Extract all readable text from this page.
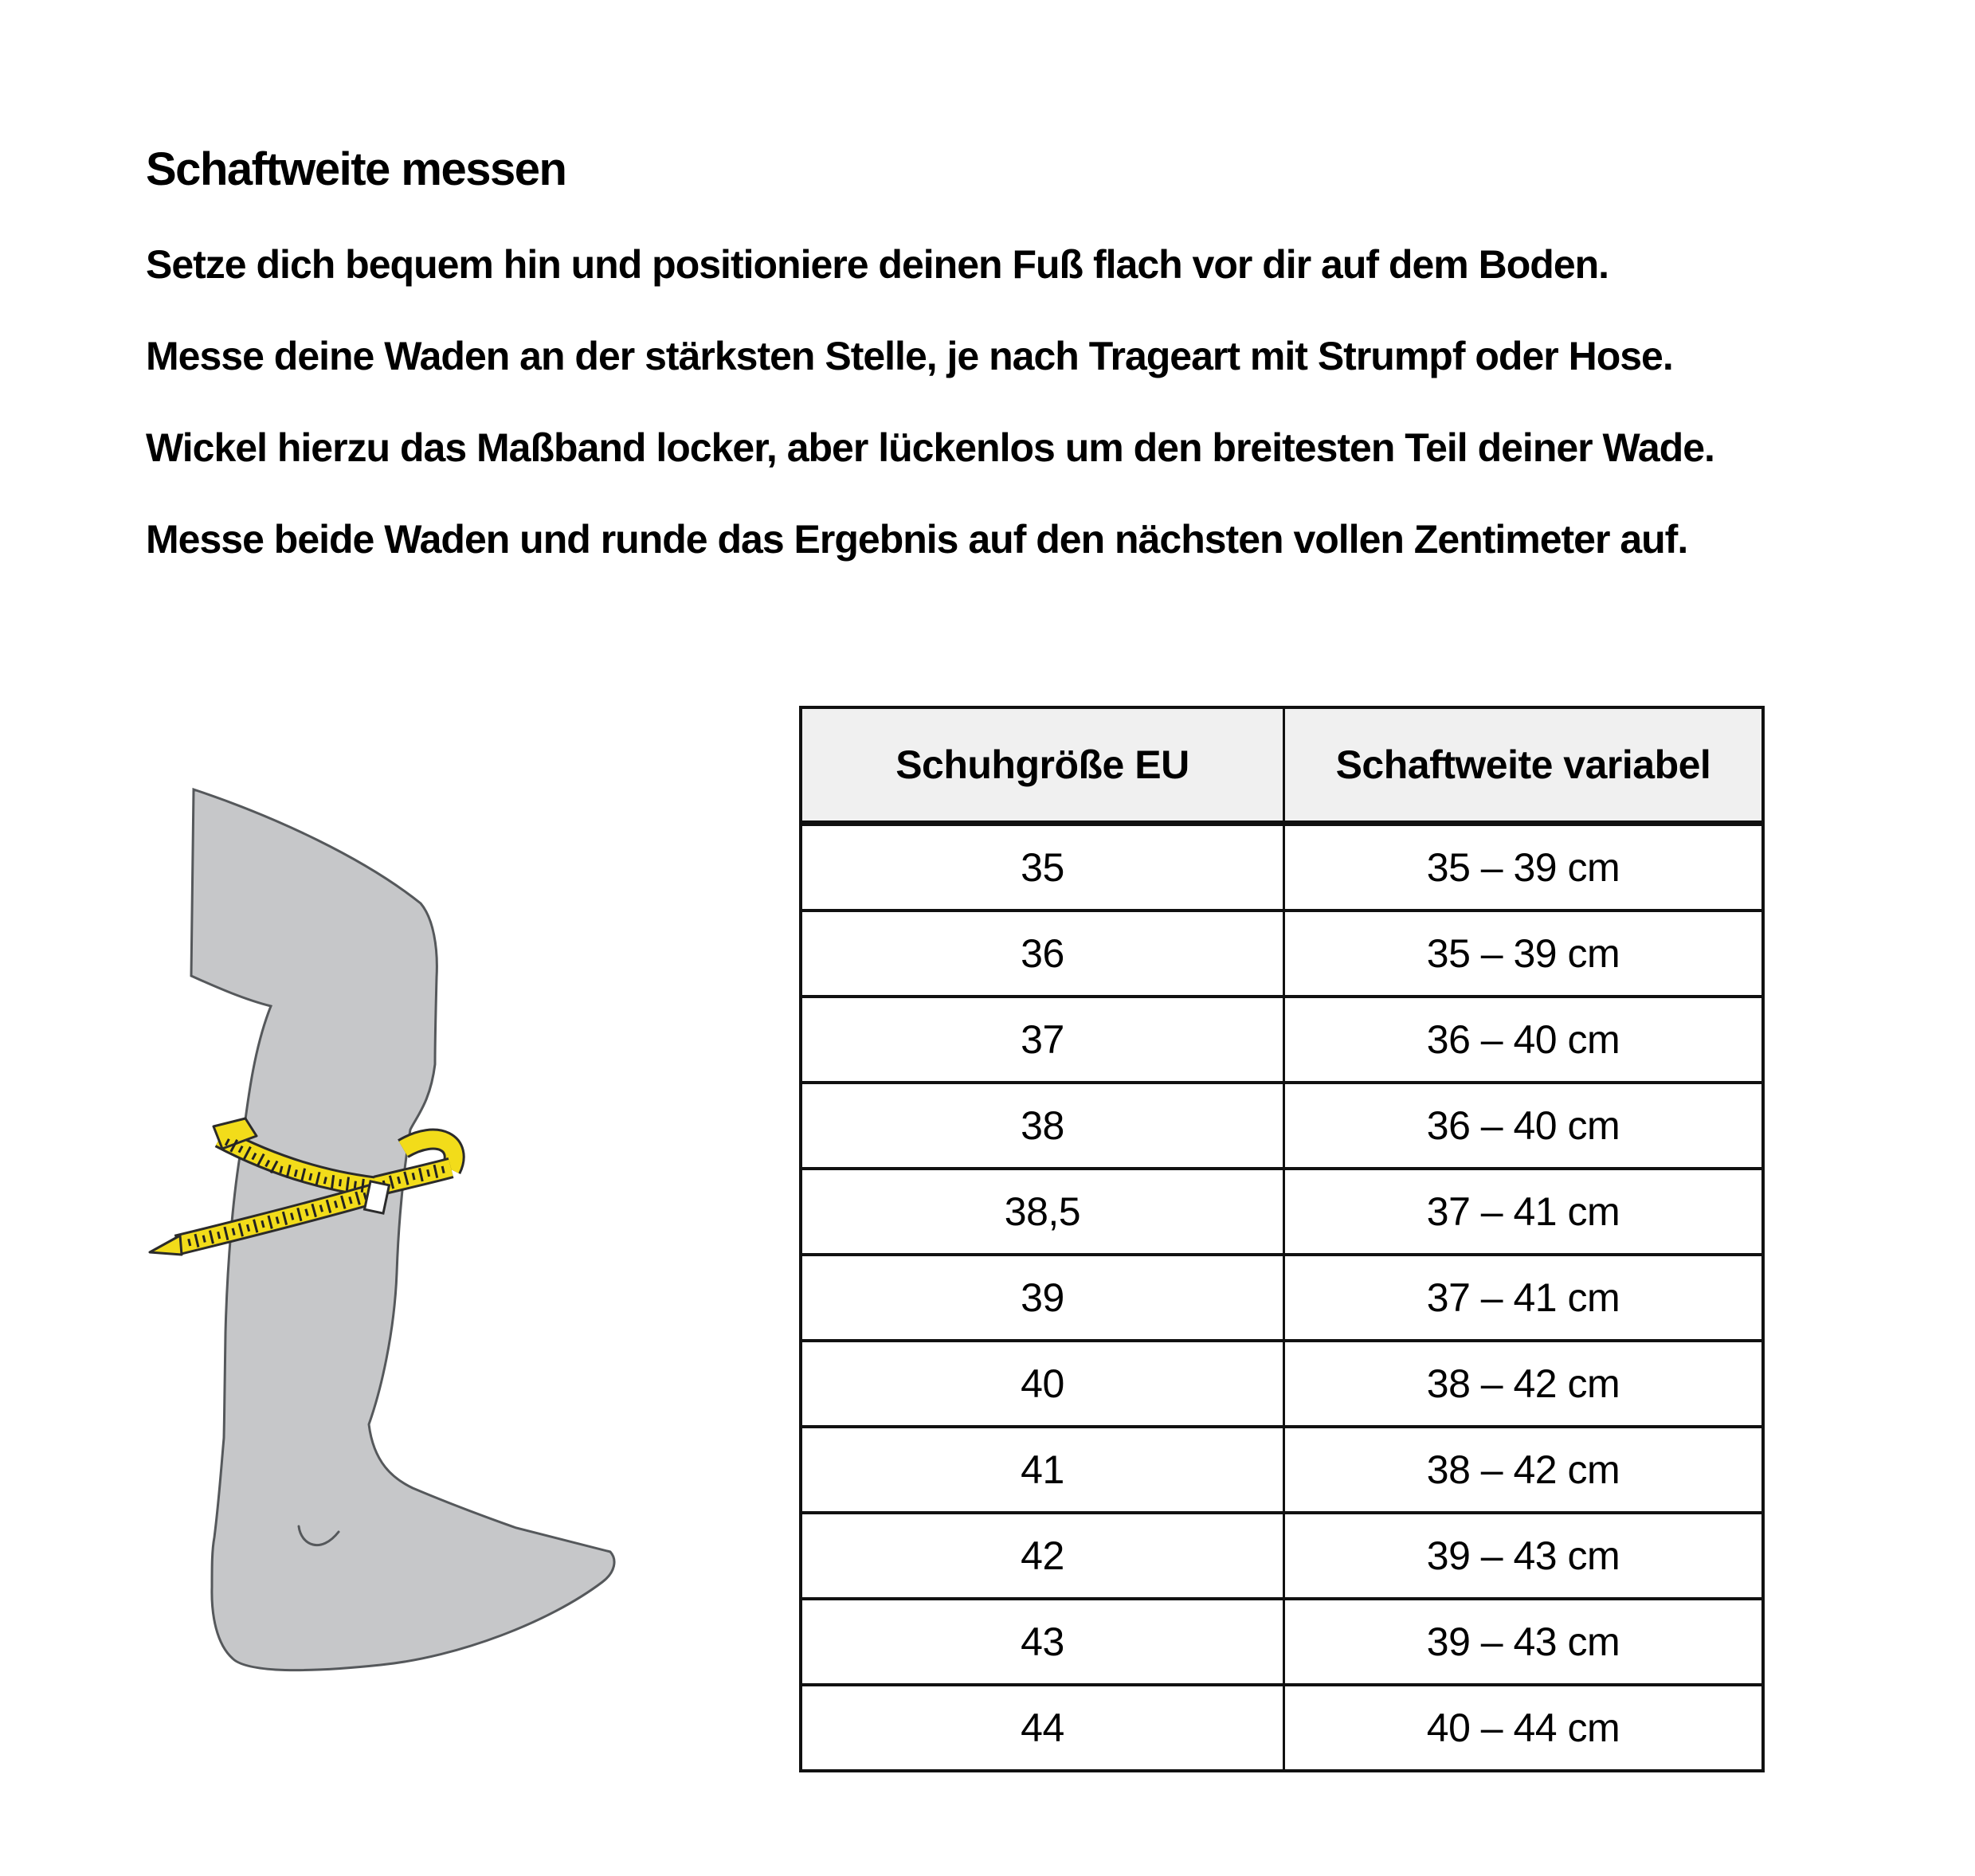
Schaftweite messen

Setze dich bequem hin und positioniere deinen Fuß flach vor dir auf dem Boden.

Messe deine Waden an der stärksten Stelle, je nach Trageart mit Strumpf oder Hose.

Wickel hierzu das Maßband locker, aber lückenlos um den breitesten Teil deiner Wade.

Messe beide Waden und runde das Ergebnis auf den nächsten vollen Zentimeter auf.

Schuhgröße EU	Schaftweite variabel
35	35 – 39 cm
36	35 – 39 cm
37	36 – 40 cm
38	36 – 40 cm
38,5	37 – 41 cm
39	37 – 41 cm
40	38 – 42 cm
41	38 – 42 cm
42	39 – 43 cm
43	39 – 43 cm
44	40 – 44 cm
